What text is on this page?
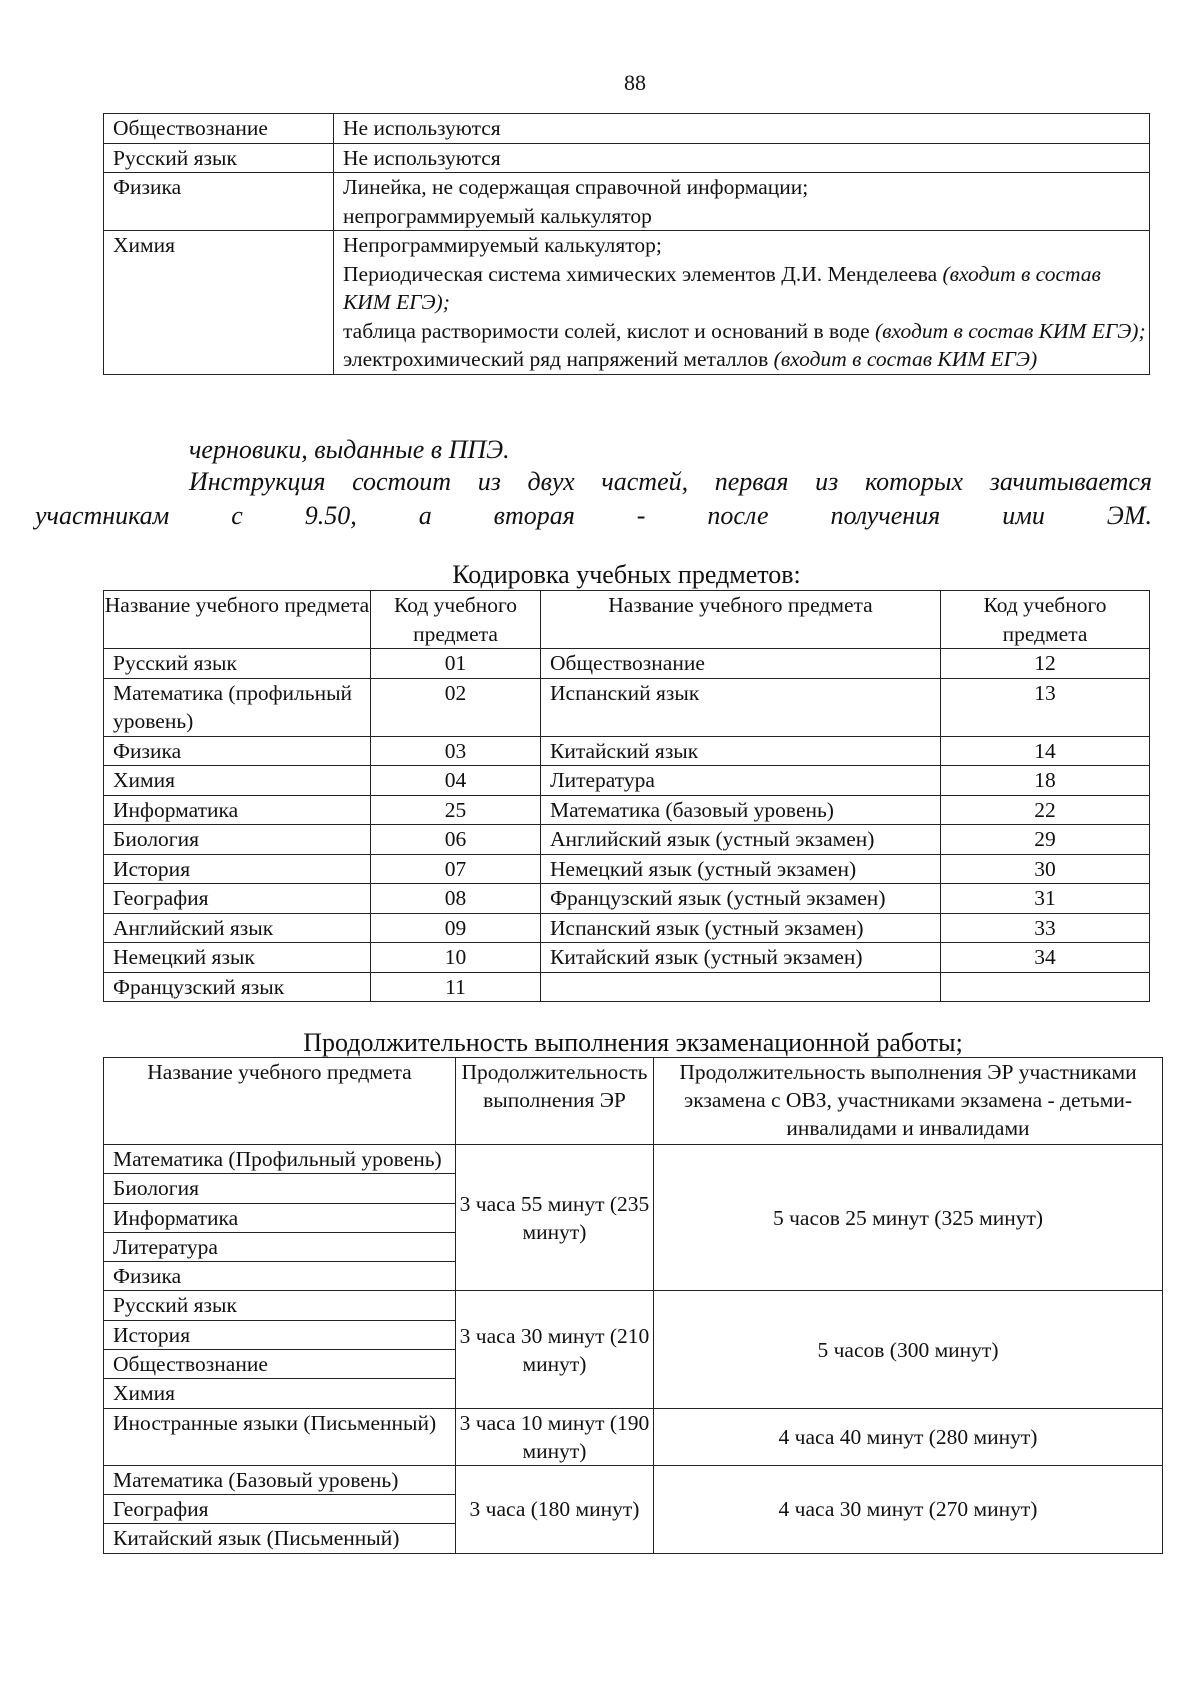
88
Обществознание	Не используются
Русский язык	Не используются
Физика	Линейка, не содержащая справочной информации;
непрограммируемый калькулятор

Химия	Непрограммируемый калькулятор;
Периодическая система химических элементов Д.И. Менделеева (входит в состав КИМ ЕГЭ);
таблица растворимости солей, кислот и оснований в воде (входит в состав КИМ ЕГЭ);
электрохимический ряд напряжений металлов (входит в состав КИМ ЕГЭ)
черновики, выданные в ППЭ.
Инструкция состоит из двух частей, первая из которых зачитывается
участникам с 9.50, а вторая - после получения ими ЭМ.
Кодировка учебных предметов:
Название учебного предмета	Код учебного предмета	Название учебного предмета	Код учебного предмета
Русский язык	01	Обществознание	12
Математика (профильный уровень)	02	Испанский язык	13
Физика	03	Китайский язык	14
Химия	04	Литература	18
Информатика	25	Математика (базовый уровень)	22
Биология	06	Английский язык (устный экзамен)	29
История	07	Немецкий язык (устный экзамен)	30
География	08	Французский язык (устный экзамен)	31
Английский язык	09	Испанский язык (устный экзамен)	33
Немецкий язык	10	Китайский язык (устный экзамен)	34
Французский язык	11		
Продолжительность выполнения экзаменационной работы;
Название учебного предмета	Продолжительность выполнения ЭР	Продолжительность выполнения ЭР участниками экзамена с ОВЗ, участниками экзамена - детьми-инвалидами и инвалидами
Математика (Профильный уровень)	3 часа 55 минут (235 минут)	5 часов 25 минут (325 минут)
Биология		
Информатика		
Литература		
Физика		
Русский язык	3 часа 30 минут (210 минут)	5 часов (300 минут)
История		
Обществознание		
Химия		
Иностранные языки (Письменный)	3 часа 10 минут (190 минут)	4 часа 40 минут (280 минут)
Математика (Базовый уровень)	3 часа (180 минут)	4 часа 30 минут (270 минут)
География		
Китайский язык (Письменный)		
